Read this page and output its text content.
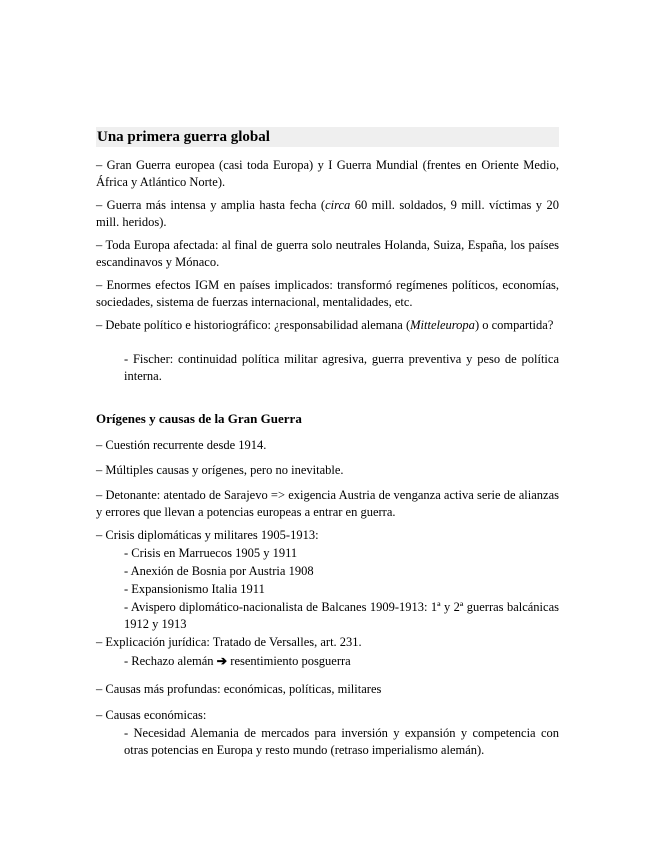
Una primera guerra global
– Gran Guerra europea (casi toda Europa) y I Guerra Mundial (frentes en Oriente Medio, África y Atlántico Norte).
– Guerra más intensa y amplia hasta fecha (circa 60 mill. soldados, 9 mill. víctimas y 20 mill. heridos).
– Toda Europa afectada: al final de guerra solo neutrales Holanda, Suiza, España, los países escandinavos y Mónaco.
– Enormes efectos IGM en países implicados: transformó regímenes políticos, economías, sociedades, sistema de fuerzas internacional, mentalidades, etc.
– Debate político e historiográfico: ¿responsabilidad alemana (Mitteleuropa) o compartida?
- Fischer: continuidad política militar agresiva, guerra preventiva y peso de política interna.
Orígenes y causas de la Gran Guerra
– Cuestión recurrente desde 1914.
– Múltiples causas y orígenes, pero no inevitable.
– Detonante: atentado de Sarajevo => exigencia Austria de venganza activa serie de alianzas y errores que llevan a potencias europeas a entrar en guerra.
– Crisis diplomáticas y militares 1905-1913:
- Crisis en Marruecos 1905 y 1911
- Anexión de Bosnia por Austria 1908
- Expansionismo Italia 1911
- Avispero diplomático-nacionalista de Balcanes 1909-1913: 1ª y 2ª guerras balcánicas 1912 y 1913
– Explicación jurídica: Tratado de Versalles, art. 231.
- Rechazo alemán ➔ resentimiento posguerra
– Causas más profundas: económicas, políticas, militares
– Causas económicas:
- Necesidad Alemania de mercados para inversión y expansión y competencia con otras potencias en Europa y resto mundo (retraso imperialismo alemán).
